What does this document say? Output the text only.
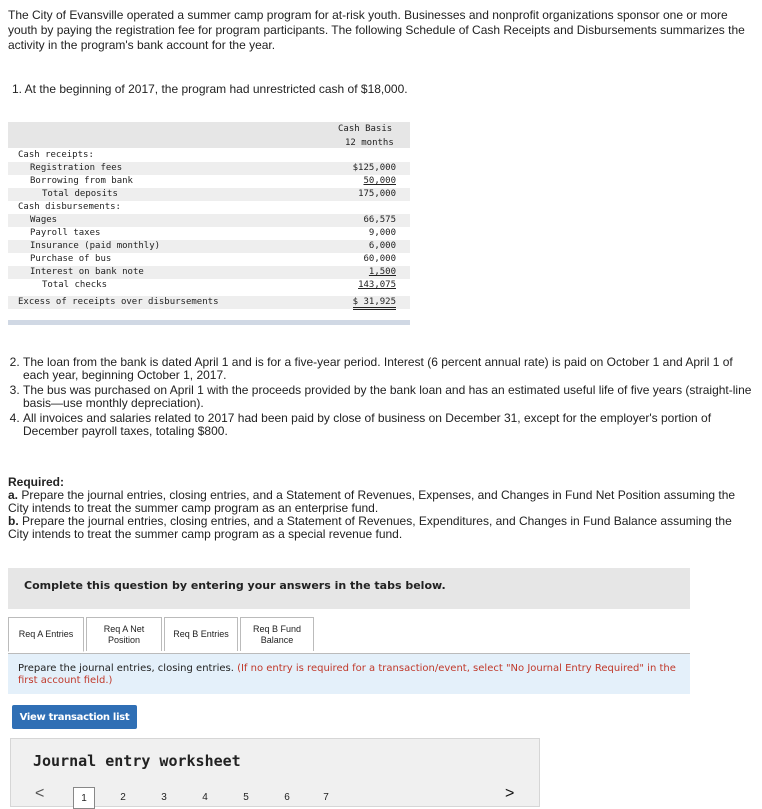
The City of Evansville operated a summer camp program for at-risk youth. Businesses and nonprofit organizations sponsor one or more youth by paying the registration fee for program participants. The following Schedule of Cash Receipts and Disbursements summarizes the activity in the program's bank account for the year.
1. At the beginning of 2017, the program had unrestricted cash of $18,000.
Cash Basis
12 months
Cash receipts:
Registration fees	$125,000
Borrowing from bank	50,000
Total deposits	175,000
Cash disbursements:
Wages	66,575
Payroll taxes	9,000
Insurance (paid monthly)	6,000
Purchase of bus	60,000
Interest on bank note	1,500
Total checks	143,075
Excess of receipts over disbursements	$ 31,925
2. The loan from the bank is dated April 1 and is for a five-year period. Interest (6 percent annual rate) is paid on October 1 and April 1 of each year, beginning October 1, 2017.
3. The bus was purchased on April 1 with the proceeds provided by the bank loan and has an estimated useful life of five years (straight-line basis—use monthly depreciation).
4. All invoices and salaries related to 2017 had been paid by close of business on December 31, except for the employer's portion of December payroll taxes, totaling $800.
Required:
a. Prepare the journal entries, closing entries, and a Statement of Revenues, Expenses, and Changes in Fund Net Position assuming the City intends to treat the summer camp program as an enterprise fund.
b. Prepare the journal entries, closing entries, and a Statement of Revenues, Expenditures, and Changes in Fund Balance assuming the City intends to treat the summer camp program as a special revenue fund.
Complete this question by entering your answers in the tabs below.
Req A Entries
Req A Net Position
Req B Entries
Req B Fund Balance
Prepare the journal entries, closing entries. (If no entry is required for a transaction/event, select "No Journal Entry Required" in the first account field.)
View transaction list
Journal entry worksheet
<	1	2	3	4	5	6	7	>
